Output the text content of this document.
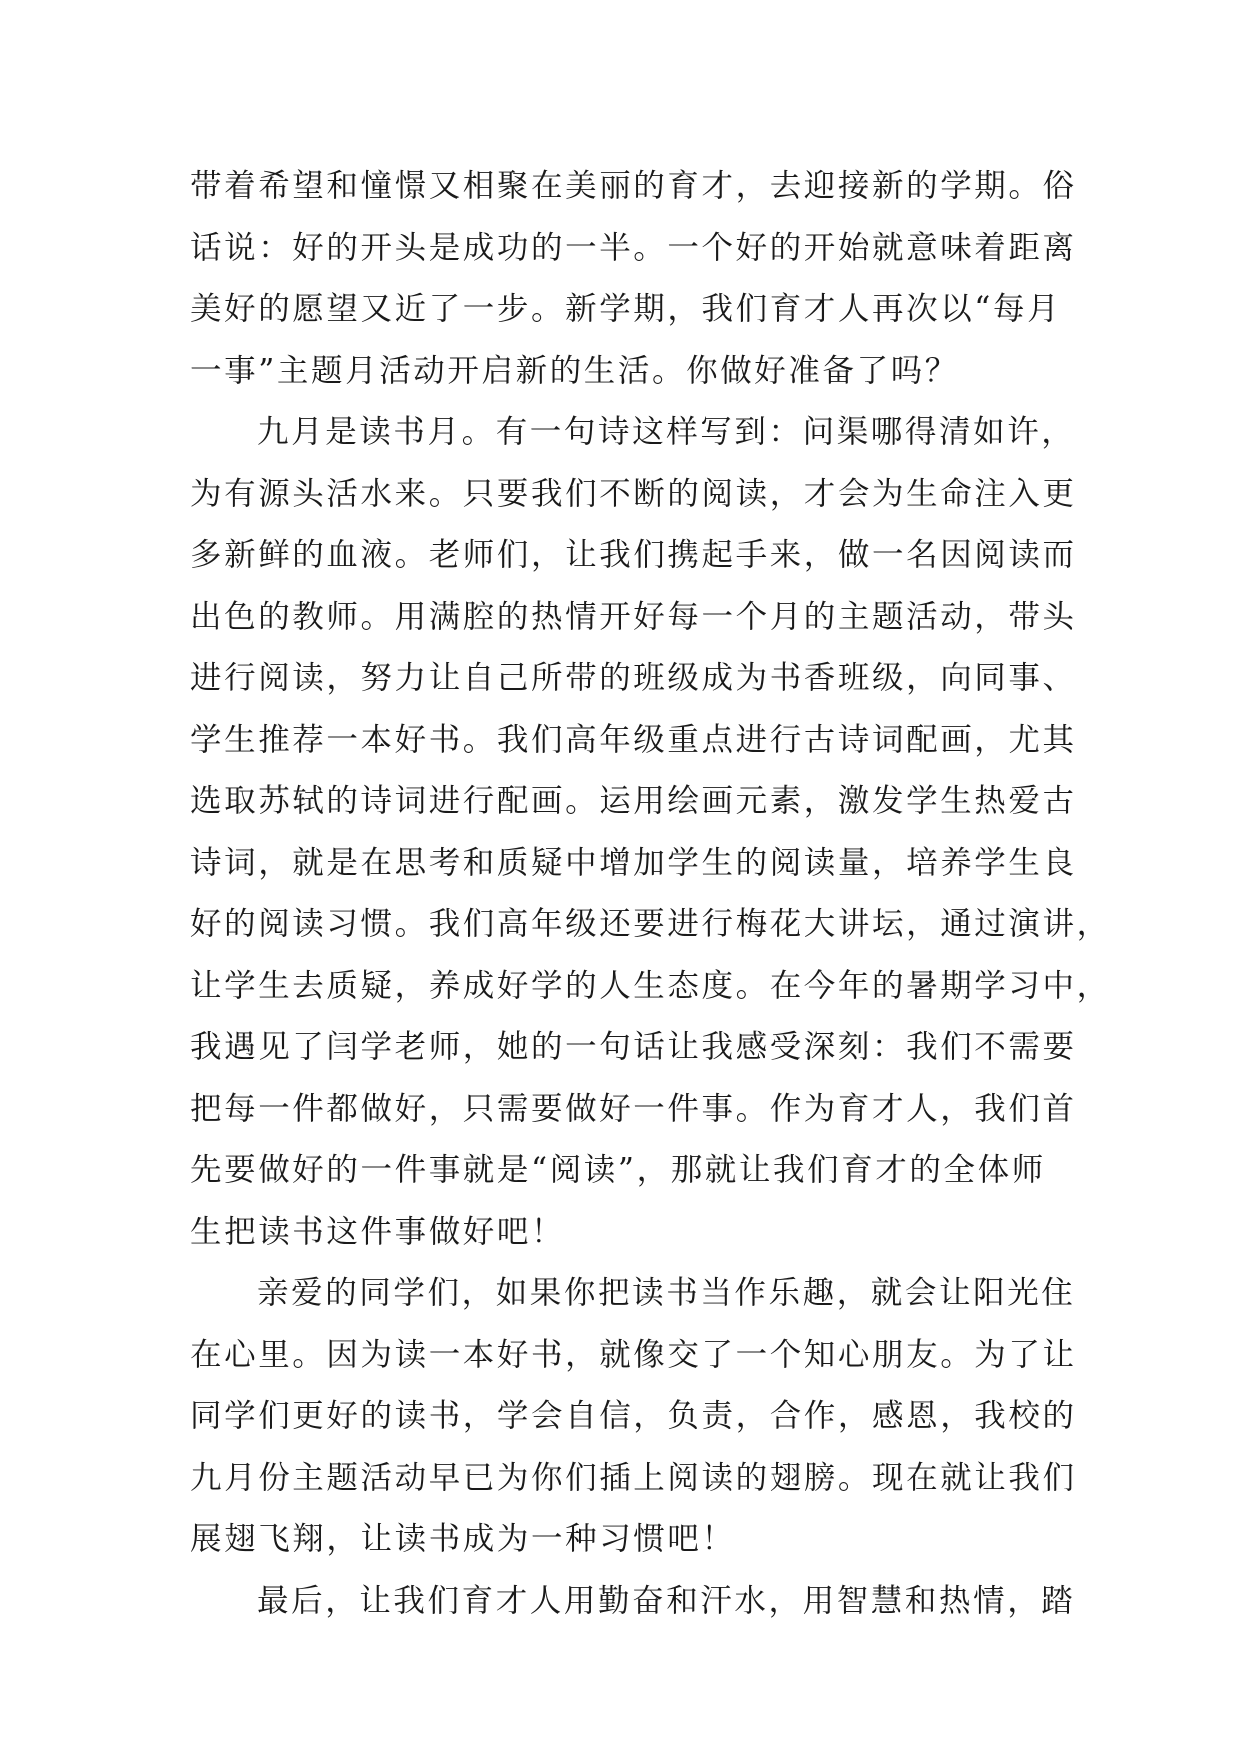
带着希望和憧憬又相聚在美丽的育才，去迎接新的学期。俗
话说：好的开头是成功的一半。一个好的开始就意味着距离
美好的愿望又近了一步。新学期，我们育才人再次以“每月
一事”主题月活动开启新的生活。你做好准备了吗？
九月是读书月。有一句诗这样写到：问渠哪得清如许，
为有源头活水来。只要我们不断的阅读，才会为生命注入更
多新鲜的血液。老师们，让我们携起手来，做一名因阅读而
出色的教师。用满腔的热情开好每一个月的主题活动，带头
进行阅读，努力让自己所带的班级成为书香班级，向同事、
学生推荐一本好书。我们高年级重点进行古诗词配画，尤其
选取苏轼的诗词进行配画。运用绘画元素，激发学生热爱古
诗词，就是在思考和质疑中增加学生的阅读量，培养学生良
好的阅读习惯。我们高年级还要进行梅花大讲坛，通过演讲，
让学生去质疑，养成好学的人生态度。在今年的暑期学习中，
我遇见了闫学老师，她的一句话让我感受深刻：我们不需要
把每一件都做好，只需要做好一件事。作为育才人，我们首
先要做好的一件事就是“阅读”，那就让我们育才的全体师
生把读书这件事做好吧！
亲爱的同学们，如果你把读书当作乐趣，就会让阳光住
在心里。因为读一本好书，就像交了一个知心朋友。为了让
同学们更好的读书，学会自信，负责，合作，感恩，我校的
九月份主题活动早已为你们插上阅读的翅膀。现在就让我们
展翅飞翔，让读书成为一种习惯吧！
最后，让我们育才人用勤奋和汗水，用智慧和热情，踏
